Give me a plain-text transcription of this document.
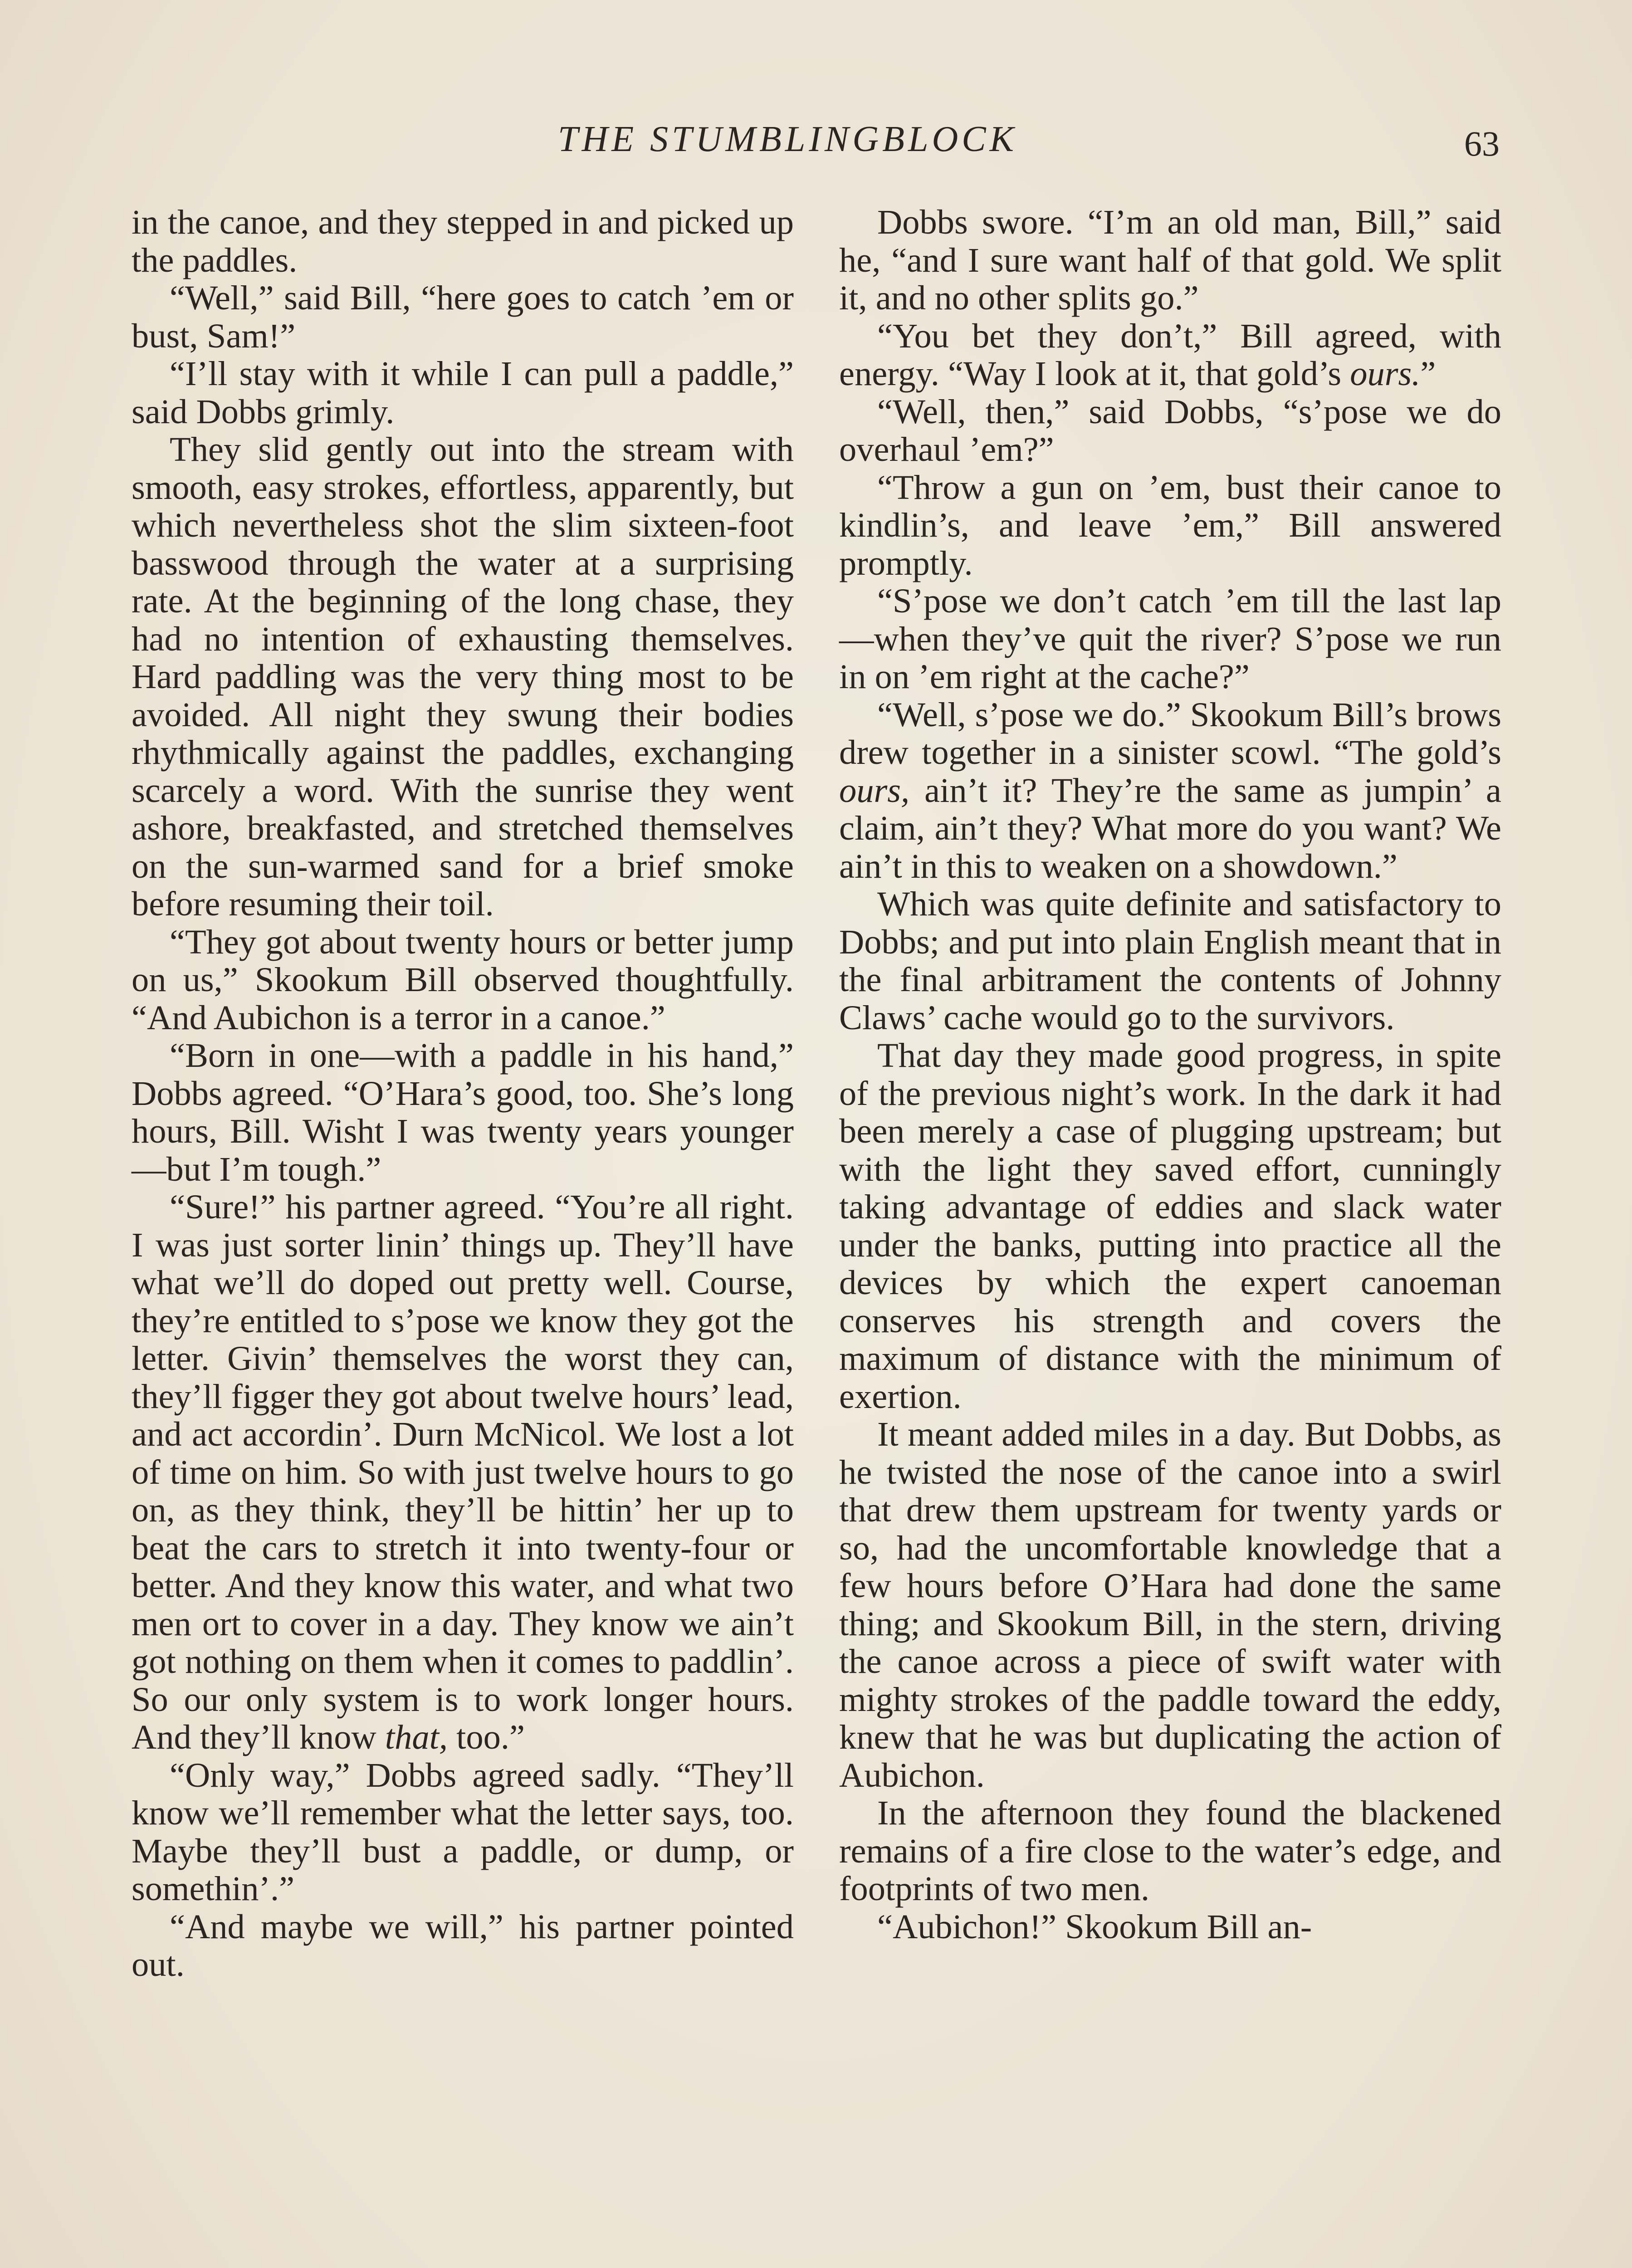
THE STUMBLINGBLOCK	63

in the canoe, and they stepped in and picked up the paddles.

“Well,” said Bill, “here goes to catch ’em or bust, Sam!”

“I’ll stay with it while I can pull a paddle,” said Dobbs grimly.

They slid gently out into the stream with smooth, easy strokes, effortless, apparently, but which nevertheless shot the slim sixteen-foot basswood through the water at a surprising rate. At the beginning of the long chase, they had no intention of exhausting themselves. Hard paddling was the very thing most to be avoided. All night they swung their bodies rhythmically against the paddles, exchanging scarcely a word. With the sunrise they went ashore, breakfasted, and stretched themselves on the sun-warmed sand for a brief smoke before resuming their toil.

“They got about twenty hours or better jump on us,” Skookum Bill observed thoughtfully. “And Aubichon is a terror in a canoe.”

“Born in one—with a paddle in his hand,” Dobbs agreed. “O’Hara’s good, too. She’s long hours, Bill. Wisht I was twenty years younger—but I’m tough.”

“Sure!” his partner agreed. “You’re all right. I was just sorter linin’ things up. They’ll have what we’ll do doped out pretty well. Course, they’re entitled to s’pose we know they got the letter. Givin’ themselves the worst they can, they’ll figger they got about twelve hours’ lead, and act accordin’. Durn McNicol. We lost a lot of time on him. So with just twelve hours to go on, as they think, they’ll be hittin’ her up to beat the cars to stretch it into twenty-four or better. And they know this water, and what two men ort to cover in a day. They know we ain’t got nothing on them when it comes to paddlin’. So our only system is to work longer hours. And they’ll know that, too.”

“Only way,” Dobbs agreed sadly. “They’ll know we’ll remember what the letter says, too. Maybe they’ll bust a paddle, or dump, or somethin’.”

“And maybe we will,” his partner pointed out.

Dobbs swore. “I’m an old man, Bill,” said he, “and I sure want half of that gold. We split it, and no other splits go.”

“You bet they don’t,” Bill agreed, with energy. “Way I look at it, that gold’s ours.”

“Well, then,” said Dobbs, “s’pose we do overhaul ’em?”

“Throw a gun on ’em, bust their canoe to kindlin’s, and leave ’em,” Bill answered promptly.

“S’pose we don’t catch ’em till the last lap—when they’ve quit the river? S’pose we run in on ’em right at the cache?”

“Well, s’pose we do.” Skookum Bill’s brows drew together in a sinister scowl. “The gold’s ours, ain’t it? They’re the same as jumpin’ a claim, ain’t they? What more do you want? We ain’t in this to weaken on a showdown.”

Which was quite definite and satisfactory to Dobbs; and put into plain English meant that in the final arbitrament the contents of Johnny Claws’ cache would go to the survivors.

That day they made good progress, in spite of the previous night’s work. In the dark it had been merely a case of plugging upstream; but with the light they saved effort, cunningly taking advantage of eddies and slack water under the banks, putting into practice all the devices by which the expert canoeman conserves his strength and covers the maximum of distance with the minimum of exertion.

It meant added miles in a day. But Dobbs, as he twisted the nose of the canoe into a swirl that drew them upstream for twenty yards or so, had the uncomfortable knowledge that a few hours before O’Hara had done the same thing; and Skookum Bill, in the stern, driving the canoe across a piece of swift water with mighty strokes of the paddle toward the eddy, knew that he was but duplicating the action of Aubichon.

In the afternoon they found the blackened remains of a fire close to the water’s edge, and footprints of two men.

“Aubichon!” Skookum Bill an-
